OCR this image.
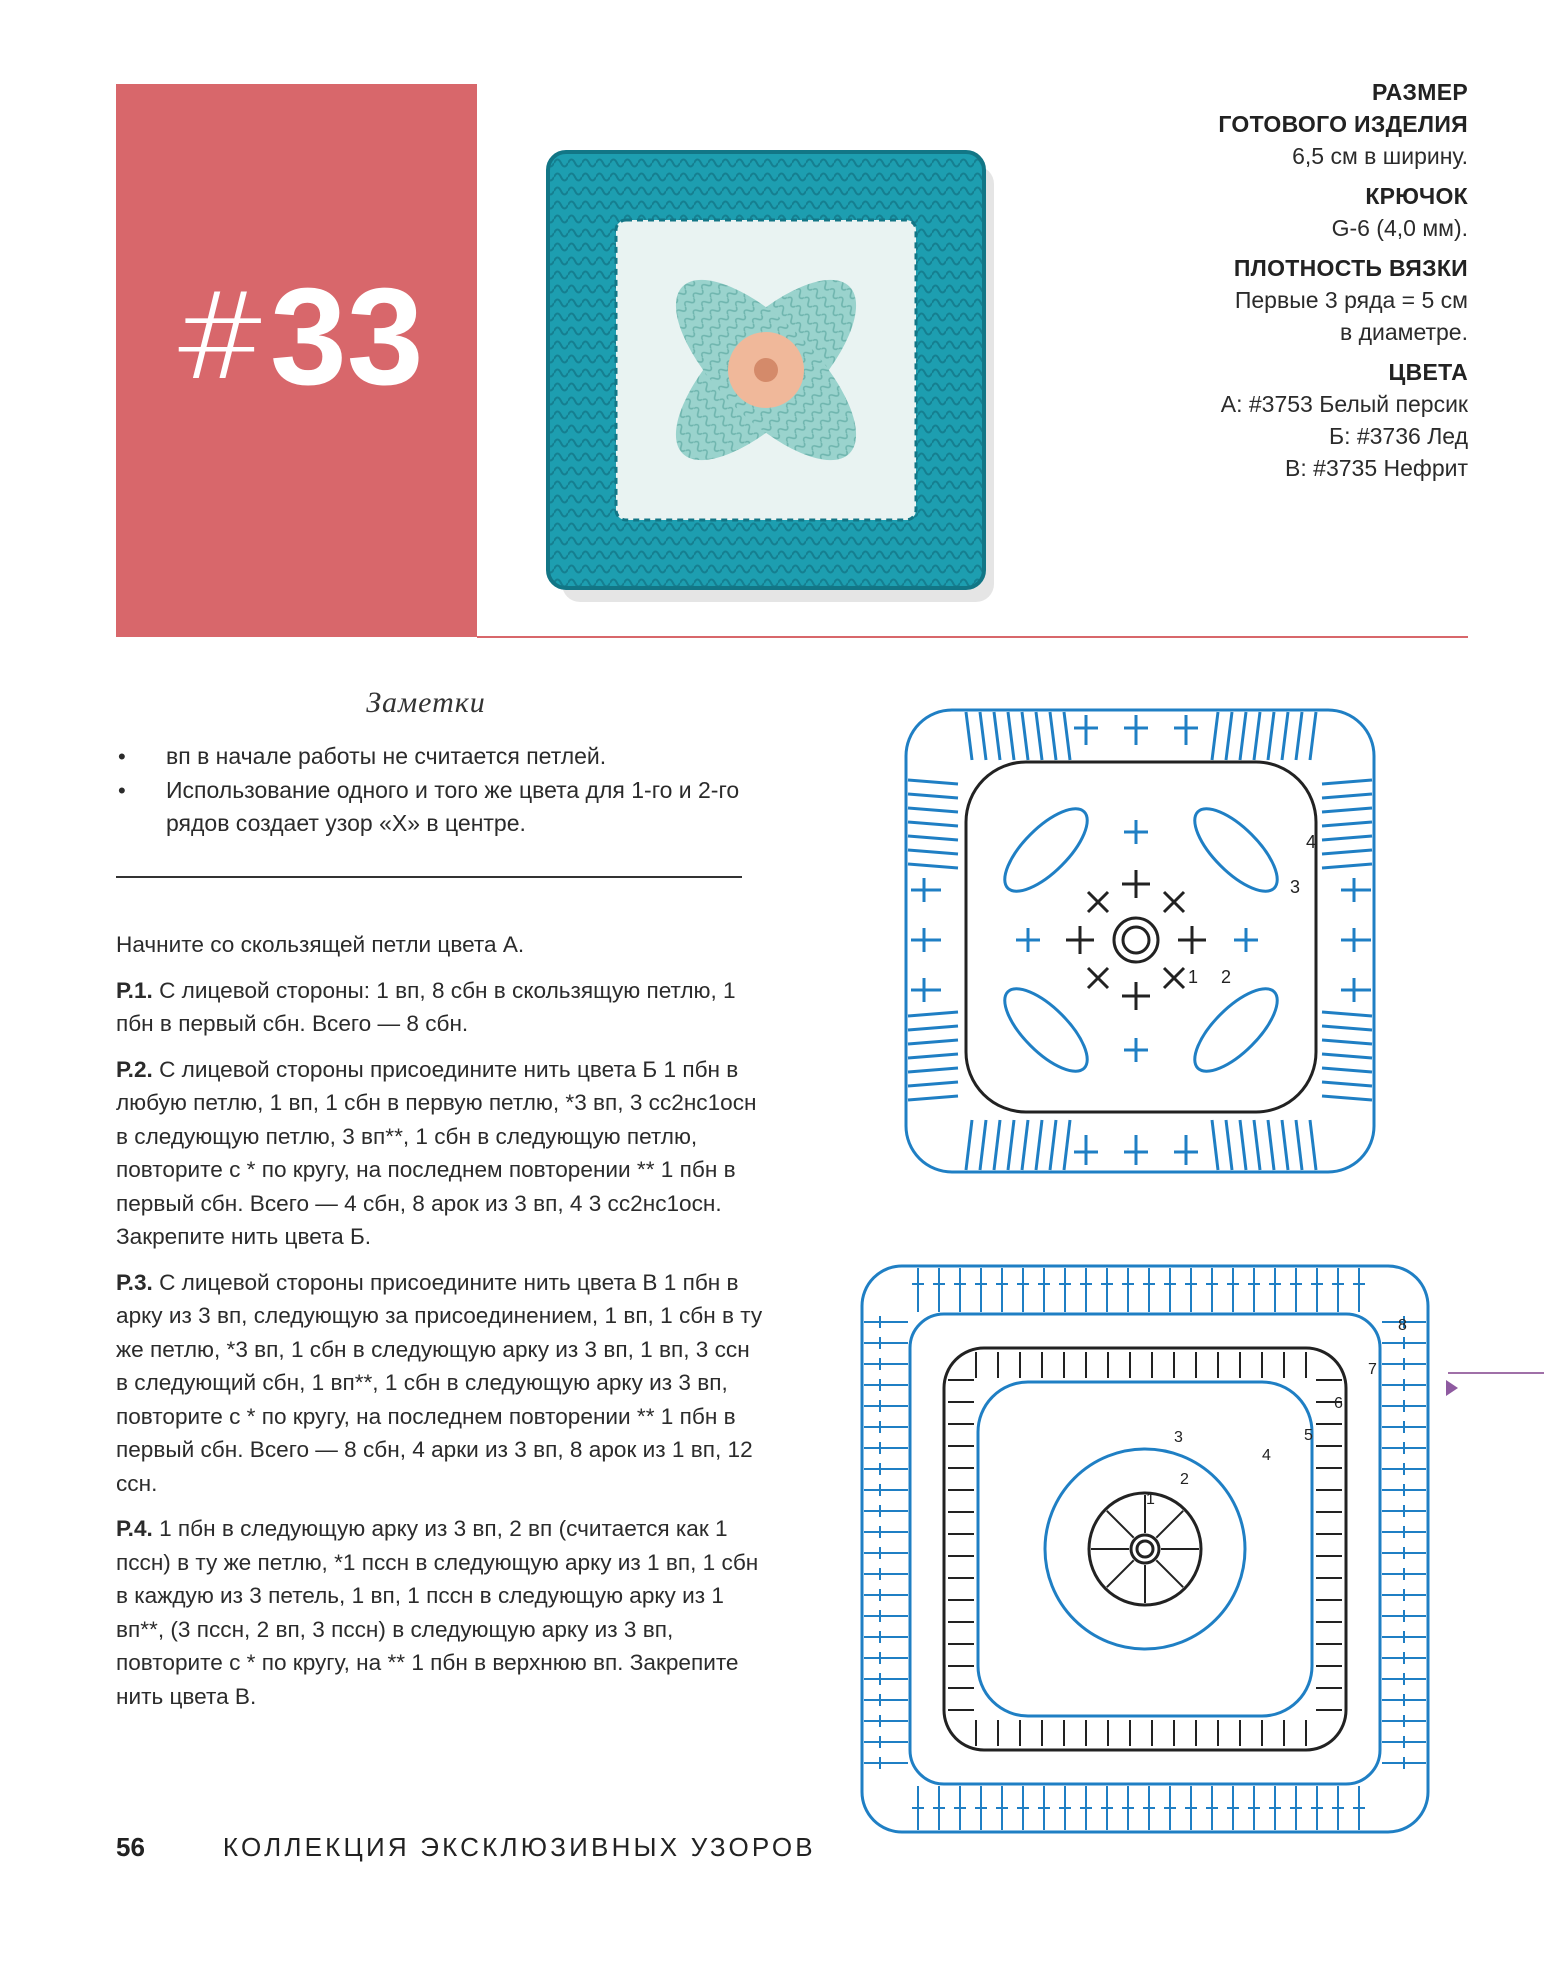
#33
РАЗМЕР
ГОТОВОГО ИЗДЕЛИЯ
6,5 см в ширину.
КРЮЧОК
G-6 (4,0 мм).
ПЛОТНОСТЬ ВЯЗКИ
Первые 3 ряда = 5 см
в диаметре.
ЦВЕТА
А: #3753 Белый персик
Б: #3736 Лед
В: #3735 Нефрит
Заметки
• вп в начале работы не считается петлей.
• Использование одного и того же цвета для 1-го и 2-го рядов создает узор «Х» в центре.

Начните со скользящей петли цвета А.

Р.1. С лицевой стороны: 1 вп, 8 сбн в скользящую петлю, 1 пбн в первый сбн. Всего — 8 сбн.

Р.2. С лицевой стороны присоедините нить цвета Б 1 пбн в любую петлю, 1 вп, 1 сбн в первую петлю, *3 вп, 3 сс2нс1осн в следующую петлю, 3 вп**, 1 сбн в следующую петлю, повторите с * по кругу, на последнем повторении ** 1 пбн в первый сбн. Всего — 4 сбн, 8 арок из 3 вп, 4 3 сс2нс1осн. Закрепите нить цвета Б.

Р.3. С лицевой стороны присоедините нить цвета В 1 пбн в арку из 3 вп, следующую за присоединением, 1 вп, 1 сбн в ту же петлю, *3 вп, 1 сбн в следующую арку из 3 вп, 1 вп, 3 ссн в следующий сбн, 1 вп**, 1 сбн в следующую арку из 3 вп, повторите с * по кругу, на последнем повторении ** 1 пбн в первый сбн. Всего — 8 сбн, 4 арки из 3 вп, 8 арок из 1 вп, 12 ссн.

Р.4. 1 пбн в следующую арку из 3 вп, 2 вп (считается как 1 пссн) в ту же петлю, *1 пссн в следующую арку из 1 вп, 1 сбн в каждую из 3 петель, 1 вп, 1 пссн в следующую арку из 1 вп**, (3 пссн, 2 вп, 3 пссн) в следующую арку из 3 вп, повторите с * по кругу, на ** 1 пбн в верхнюю вп. Закрепите нить цвета В.

1 2
3
4
1
2
3
4
5
6
7
8
56	КОЛЛЕКЦИЯ ЭКСКЛЮЗИВНЫХ УЗОРОВ
